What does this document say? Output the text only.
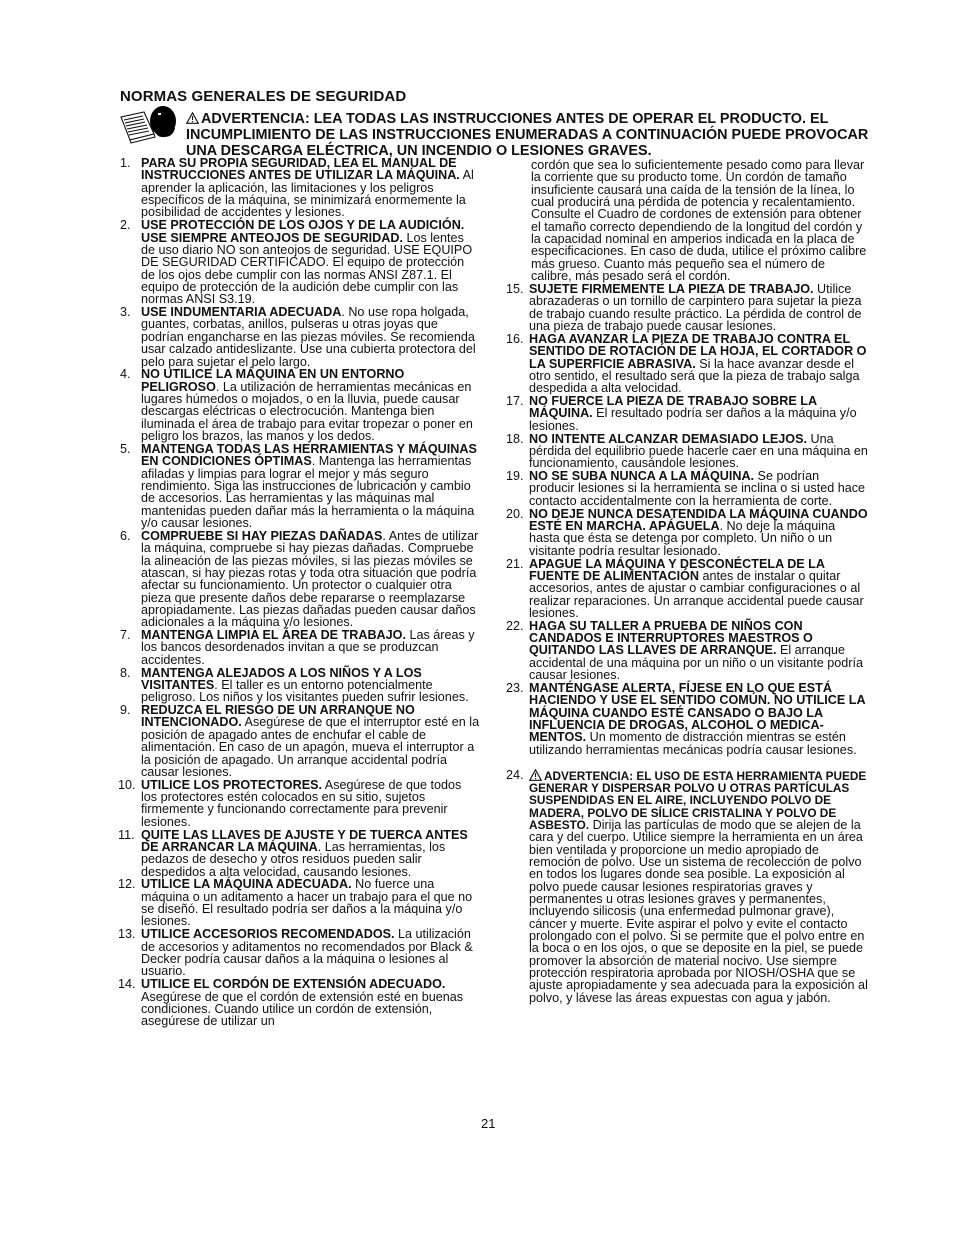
NORMAS GENERALES DE SEGURIDAD
ADVERTENCIA: LEA TODAS LAS INSTRUCCIONES ANTES DE OPERAR EL PRODUCTO. EL INCUMPLIMIENTO DE LAS INSTRUCCIONES ENUMERADAS A CONTINUACIÓN PUEDE PROVOCAR UNA DESCARGA ELÉCTRICA, UN INCENDIO O LESIONES GRAVES.
1. PARA SU PROPIA SEGURIDAD, LEA EL MANUAL DE INSTRUCCIONES ANTES DE UTILIZAR LA MÁQUINA. Al aprender la aplicación, las limitaciones y los peligros específicos de la máquina, se minimizará enormemente la posibilidad de accidentes y lesiones.
2. USE PROTECCIÓN DE LOS OJOS Y DE LA AUDICIÓN. USE SIEMPRE ANTEOJOS DE SEGURIDAD. Los lentes de uso diario NO son anteojos de seguridad. USE EQUIPO DE SEGURIDAD CERTIFICADO. El equipo de protección de los ojos debe cumplir con las normas ANSI Z87.1. El equipo de protección de la audición debe cumplir con las normas ANSI S3.19.
3. USE INDUMENTARIA ADECUADA. No use ropa holgada, guantes, corbatas, anillos, pulseras u otras joyas que podrían engancharse en las piezas móviles. Se recomienda usar calzado antideslizante. Use una cubierta protectora del pelo para sujetar el pelo largo.
4. NO UTILICE LA MÁQUINA EN UN ENTORNO PELIGROSO. La utilización de herramientas mecánicas en lugares húmedos o mojados, o en la lluvia, puede causar descargas eléctricas o electrocución. Mantenga bien iluminada el área de trabajo para evitar tropezar o poner en peligro los brazos, las manos y los dedos.
5. MANTENGA TODAS LAS HERRAMIENTAS Y MÁQUINAS EN CONDICIONES ÓPTIMAS. Mantenga las herramientas afiladas y limpias para lograr el mejor y más seguro rendimiento. Siga las instrucciones de lubricación y cambio de accesorios. Las herramientas y las máquinas mal mantenidas pueden dañar más la herramienta o la máquina y/o causar lesiones.
6. COMPRUEBE SI HAY PIEZAS DAÑADAS. Antes de utilizar la máquina, compruebe si hay piezas dañadas. Compruebe la alineación de las piezas móviles, si las piezas móviles se atascan, si hay piezas rotas y toda otra situación que podría afectar su funcionamiento. Un protector o cualquier otra pieza que presente daños debe repararse o reemplazarse apropiadamente. Las piezas dañadas pueden causar daños adicionales a la máquina y/o lesiones.
7. MANTENGA LIMPIA EL ÁREA DE TRABAJO. Las áreas y los bancos desordenados invitan a que se produzcan accidentes.
8. MANTENGA ALEJADOS A LOS NIÑOS Y A LOS VISITANTES. El taller es un entorno potencialmente peligroso. Los niños y los visitantes pueden sufrir lesiones.
9. REDUZCA EL RIESGO DE UN ARRANQUE NO INTENCIONADO. Asegúrese de que el interruptor esté en la posición de apagado antes de enchufar el cable de alimentación. En caso de un apagón, mueva el interruptor a la posición de apagado. Un arranque accidental podría causar lesiones.
10. UTILICE LOS PROTECTORES. Asegúrese de que todos los protectores estén colocados en su sitio, sujetos firmemente y funcionando correctamente para prevenir lesiones.
11. QUITE LAS LLAVES DE AJUSTE Y DE TUERCA ANTES DE ARRANCAR LA MÁQUINA. Las herramientas, los pedazos de desecho y otros residuos pueden salir despedidos a alta velocidad, causando lesiones.
12. UTILICE LA MÁQUINA ADECUADA. No fuerce una máquina o un aditamento a hacer un trabajo para el que no se diseñó. El resultado podría ser daños a la máquina y/o lesiones.
13. UTILICE ACCESORIOS RECOMENDADOS. La utilización de accesorios y aditamentos no recomendados por Black & Decker podría causar daños a la máquina o lesiones al usuario.
14. UTILICE EL CORDÓN DE EXTENSIÓN ADECUADO. Asegúrese de que el cordón de extensión esté en buenas condiciones. Cuando utilice un cordón de extensión, asegúrese de utilizar un
cordón que sea lo suficientemente pesado como para llevar la corriente que su producto tome. Un cordón de tamaño insuficiente causará una caída de la tensión de la línea, lo cual producirá una pérdida de potencia y recalentamiento. Consulte el Cuadro de cordones de extensión para obtener el tamaño correcto dependiendo de la longitud del cordón y la capacidad nominal en amperios indicada en la placa de especificaciones. En caso de duda, utilice el próximo calibre más grueso. Cuanto más pequeño sea el número de calibre, más pesado será el cordón.
15. SUJETE FIRMEMENTE LA PIEZA DE TRABAJO. Utilice abrazaderas o un tornillo de carpintero para sujetar la pieza de trabajo cuando resulte práctico. La pérdida de control de una pieza de trabajo puede causar lesiones.
16. HAGA AVANZAR LA PIEZA DE TRABAJO CONTRA EL SENTIDO DE ROTACIÓN DE LA HOJA, EL CORTADOR O LA SUPERFICIE ABRASIVA. Si la hace avanzar desde el otro sentido, el resultado será que la pieza de trabajo salga despedida a alta velocidad.
17. NO FUERCE LA PIEZA DE TRABAJO SOBRE LA MÁQUINA. El resultado podría ser daños a la máquina y/o lesiones.
18. NO INTENTE ALCANZAR DEMASIADO LEJOS. Una pérdida del equilibrio puede hacerle caer en una máquina en funcionamiento, causándole lesiones.
19. NO SE SUBA NUNCA A LA MÁQUINA. Se podrían producir lesiones si la herramienta se inclina o si usted hace contacto accidentalmente con la herramienta de corte.
20. NO DEJE NUNCA DESATENDIDA LA MÁQUINA CUANDO ESTÉ EN MARCHA. APÁGUELA. No deje la máquina hasta que ésta se detenga por completo. Un niño o un visitante podría resultar lesionado.
21. APAGUE LA MÁQUINA Y DESCONÉCTELA DE LA FUENTE DE ALIMENTACIÓN antes de instalar o quitar accesorios, antes de ajustar o cambiar configuraciones o al realizar reparaciones. Un arranque accidental puede causar lesiones.
22. HAGA SU TALLER A PRUEBA DE NIÑOS CON CANDADOS E INTERRUPTORES MAESTROS O QUITANDO LAS LLAVES DE ARRANQUE. El arranque accidental de una máquina por un niño o un visitante podría causar lesiones.
23. MANTÉNGASE ALERTA, FÍJESE EN LO QUE ESTÁ HACIENDO Y USE EL SENTIDO COMÚN. NO UTILICE LA MÁQUINA CUANDO ESTÉ CANSADO O BAJO LA INFLUENCIA DE DROGAS, ALCOHOL O MEDICA-MENTOS. Un momento de distracción mientras se estén utilizando herramientas mecánicas podría causar lesiones.
24. ADVERTENCIA: EL USO DE ESTA HERRAMIENTA PUEDE GENERAR Y DISPERSAR POLVO U OTRAS PARTÍCULAS SUSPENDIDAS EN EL AIRE, INCLUYENDO POLVO DE MADERA, POLVO DE SÍLICE CRISTALINA Y POLVO DE ASBESTO. Dirija las partículas de modo que se alejen de la cara y del cuerpo. Utilice siempre la herramienta en un área bien ventilada y proporcione un medio apropiado de remoción de polvo. Use un sistema de recolección de polvo en todos los lugares donde sea posible. La exposición al polvo puede causar lesiones respiratorias graves y permanentes u otras lesiones graves y permanentes, incluyendo silicosis (una enfermedad pulmonar grave), cáncer y muerte. Evite aspirar el polvo y evite el contacto prolongado con el polvo. Si se permite que el polvo entre en la boca o en los ojos, o que se deposite en la piel, se puede promover la absorción de material nocivo. Use siempre protección respiratoria aprobada por NIOSH/OSHA que se ajuste apropiadamente y sea adecuada para la exposición al polvo, y lávese las áreas expuestas con agua y jabón.
21
